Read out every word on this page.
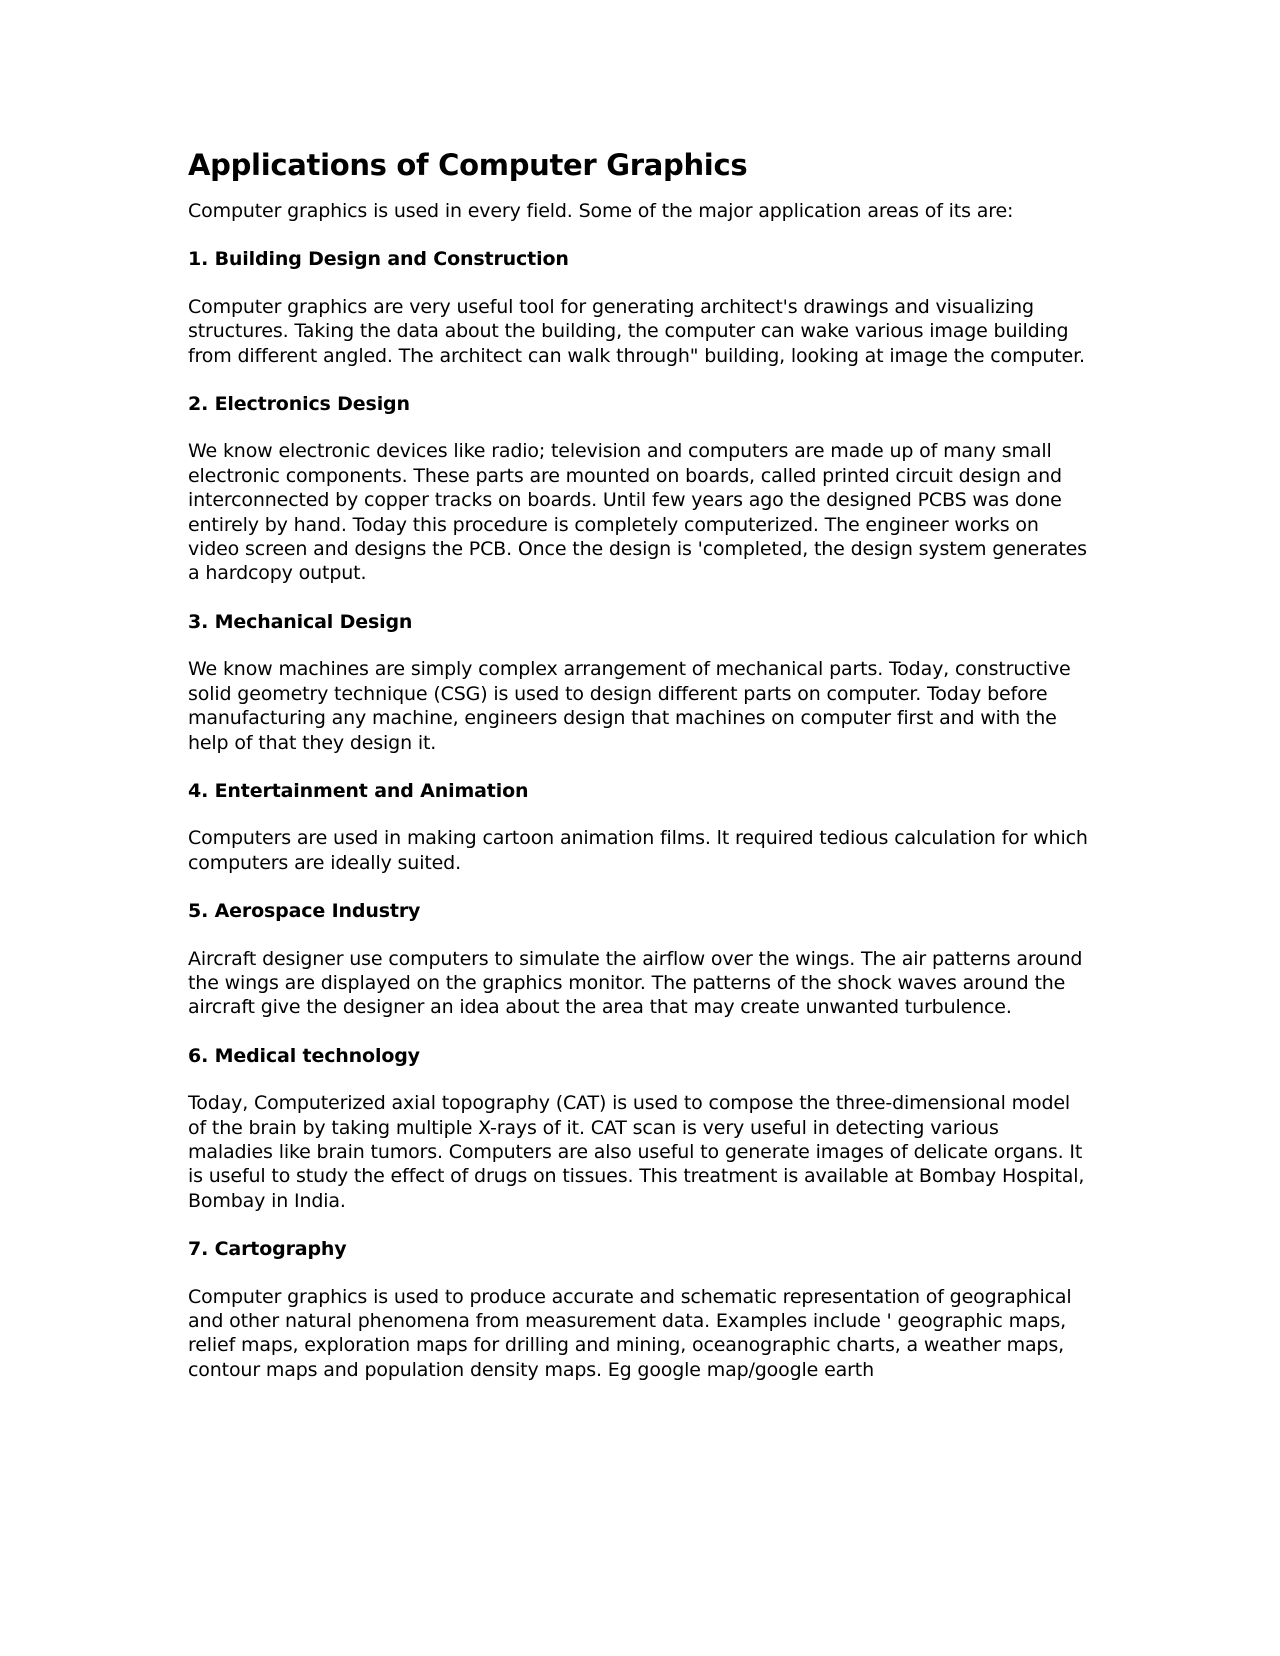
Applications of Computer Graphics

Computer graphics is used in every field. Some of the major application areas of its are:

1. Building Design and Construction

Computer graphics are very useful tool for generating architect's drawings and visualizing structures. Taking the data about the building, the computer can wake various image building from different angled. The architect can walk through" building, looking at image the computer.

2. Electronics Design

We know electronic devices like radio; television and computers are made up of many small electronic components. These parts are mounted on boards, called printed circuit design and interconnected by copper tracks on boards. Until few years ago the designed PCBS was done entirely by hand. Today this procedure is completely computerized. The engineer works on video screen and designs the PCB. Once the design is 'completed, the design system generates a hardcopy output.

3. Mechanical Design

We know machines are simply complex arrangement of mechanical parts. Today, constructive solid geometry technique (CSG) is used to design different parts on computer. Today before manufacturing any machine, engineers design that machines on computer first and with the help of that they design it.

4. Entertainment and Animation

Computers are used in making cartoon animation films. lt required tedious calculation for which computers are ideally suited.

5. Aerospace Industry

Aircraft designer use computers to simulate the airflow over the wings. The air patterns around the wings are displayed on the graphics monitor. The patterns of the shock waves around the aircraft give the designer an idea about the area that may create unwanted turbulence.

6. Medical technology

Today, Computerized axial topography (CAT) is used to compose the three-dimensional model of the brain by taking multiple X-rays of it. CAT scan is very useful in detecting various maladies like brain tumors. Computers are also useful to generate images of delicate organs. It is useful to study the effect of drugs on tissues. This treatment is available at Bombay Hospital, Bombay in India.

7. Cartography

Computer graphics is used to produce accurate and schematic representation of geographical and other natural phenomena from measurement data. Examples include ' geographic maps, relief maps, exploration maps for drilling and mining, oceanographic charts, a weather maps, contour maps and population density maps. Eg google map/google earth
